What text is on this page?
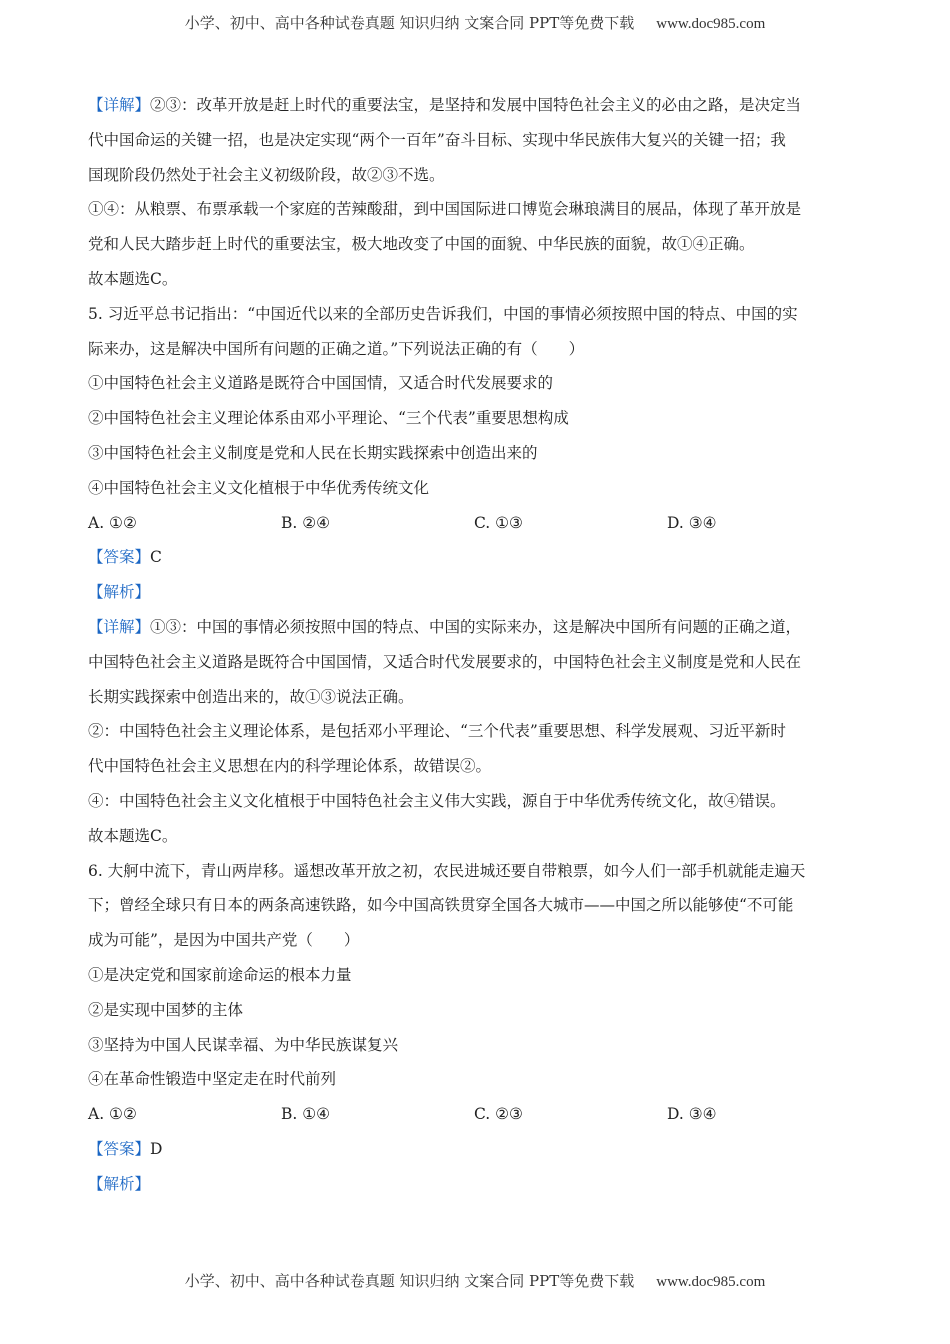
小学、初中、高中各种试卷真题 知识归纳 文案合同 PPT等免费下载 www.doc985.com
【详解】②③：改革开放是赶上时代的重要法宝，是坚持和发展中国特色社会主义的必由之路，是决定当
代中国命运的关键一招，也是决定实现“两个一百年”奋斗目标、实现中华民族伟大复兴的关键一招；我
国现阶段仍然处于社会主义初级阶段，故②③不选。
①④：从粮票、布票承载一个家庭的苦辣酸甜，到中国国际进口博览会琳琅满目的展品，体现了革开放是
党和人民大踏步赶上时代的重要法宝，极大地改变了中国的面貌、中华民族的面貌，故①④正确。
故本题选C。
5. 习近平总书记指出：“中国近代以来的全部历史告诉我们，中国的事情必须按照中国的特点、中国的实
际来办，这是解决中国所有问题的正确之道。”下列说法正确的有（　　）
①中国特色社会主义道路是既符合中国国情，又适合时代发展要求的
②中国特色社会主义理论体系由邓小平理论、“三个代表”重要思想构成
③中国特色社会主义制度是党和人民在长期实践探索中创造出来的
④中国特色社会主义文化植根于中华优秀传统文化
A. ①②	B. ②④	C. ①③	D. ③④
【答案】C
【解析】
【详解】①③：中国的事情必须按照中国的特点、中国的实际来办，这是解决中国所有问题的正确之道，
中国特色社会主义道路是既符合中国国情，又适合时代发展要求的，中国特色社会主义制度是党和人民在
长期实践探索中创造出来的，故①③说法正确。
②：中国特色社会主义理论体系，是包括邓小平理论、“三个代表”重要思想、科学发展观、习近平新时
代中国特色社会主义思想在内的科学理论体系，故错误②。
④：中国特色社会主义文化植根于中国特色社会主义伟大实践，源自于中华优秀传统文化，故④错误。
故本题选C。
6. 大舸中流下，青山两岸移。遥想改革开放之初，农民进城还要自带粮票，如今人们一部手机就能走遍天
下；曾经全球只有日本的两条高速铁路，如今中国高铁贯穿全国各大城市——中国之所以能够使“不可能
成为可能”，是因为中国共产党（　　）
①是决定党和国家前途命运的根本力量
②是实现中国梦的主体
③坚持为中国人民谋幸福、为中华民族谋复兴
④在革命性锻造中坚定走在时代前列
A. ①②	B. ①④	C. ②③	D. ③④
【答案】D
【解析】
小学、初中、高中各种试卷真题 知识归纳 文案合同 PPT等免费下载 www.doc985.com
